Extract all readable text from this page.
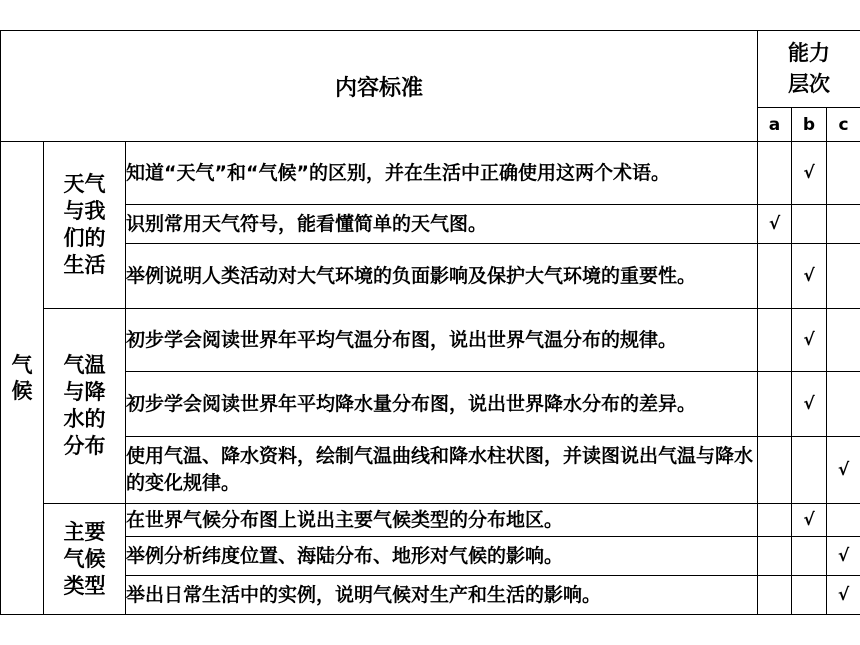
内容标准			能力
层次		

			a	b	c

气
候	天气
与我
们的
生活	知道“天气”和“气候”的区别，并在生活中正确使用这两个术语。		√	
		识别常用天气符号，能看懂简单的天气图。	√		
		举例说明人类活动对大气环境的负面影响及保护大气环境的重要性。		√	

	气温
与降
水的
分布	初步学会阅读世界年平均气温分布图，说出世界气温分布的规律。		√	
		初步学会阅读世界年平均降水量分布图，说出世界降水分布的差异。		√	
		使用气温、降水资料，绘制气温曲线和降水柱状图，并读图说出气温与降水的变化规律。			√

	主要
气候
类型	在世界气候分布图上说出主要气候类型的分布地区。		√	
		举例分析纬度位置、海陆分布、地形对气候的影响。			√
		举出日常生活中的实例，说明气候对生产和生活的影响。			√
